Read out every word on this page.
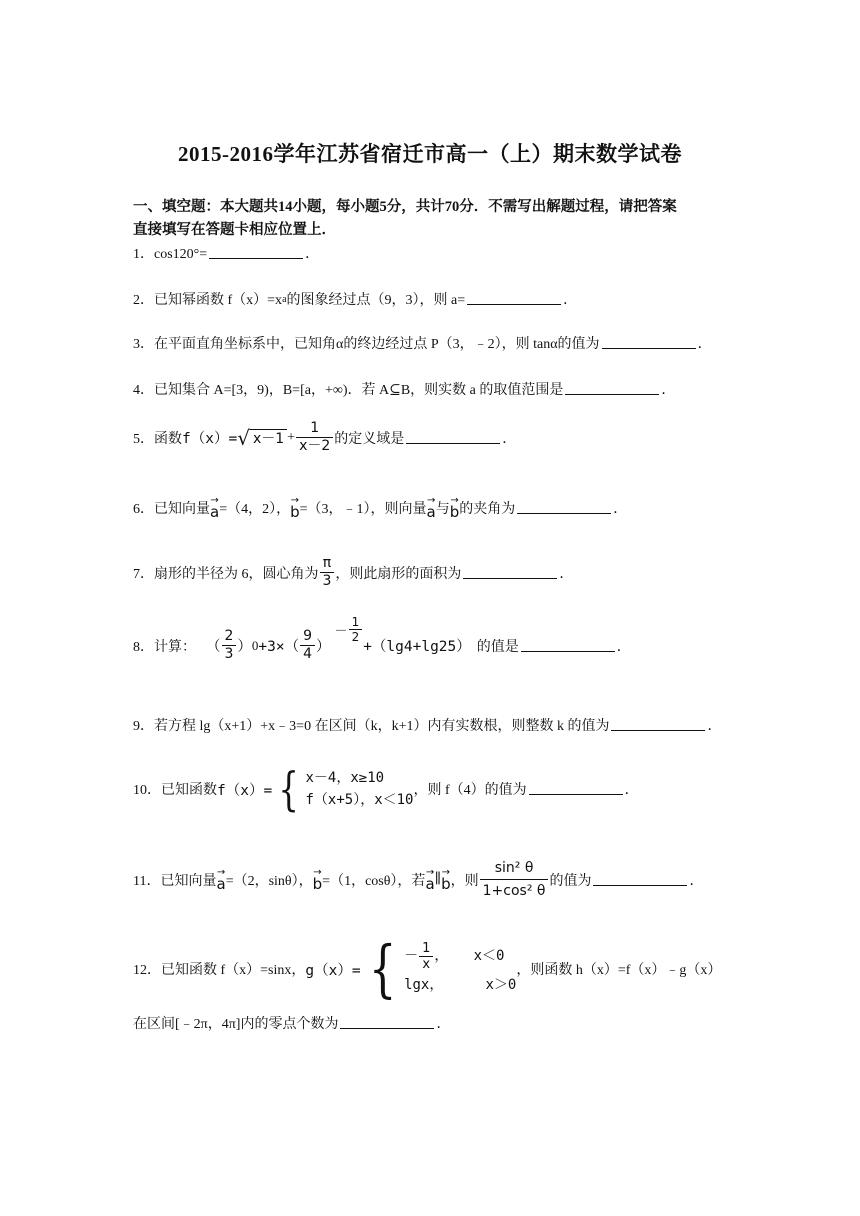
2015-2016学年江苏省宿迁市高一（上）期末数学试卷
一、填空题：本大题共14小题，每小题5分，共计70分．不需写出解题过程，请把答案
直接填写在答题卡相应位置上．
1．cos120°=	．
2．已知幂函数 f（x）=x a 的图象经过点（9，3），则 a=	．
3．在平面直角坐标系中，已知角α的终边经过点 P（3，﹣2），则 tanα的值为	．
4．已知集合 A=[3，9)，B=[a，+∞)．若 A⊆B，则实数 a 的取值范围是	．
5．函数 f（x）= √ $x-1 + \frac{1}{x-2}$ 的定义域是	．
6．已知向量
→
a =（4，2），
→
b =（3，﹣1），则向量
→
a 与
→
b 的夹角为	．
7．扇形的半径为 6，圆心角为 $\frac{\pi}{3}$ ，则此扇形的面积为	．
8．计算： （ $\frac{2}{3}$ ） $0 +3\times( \frac{9}{4}$ ）
－ $\frac{1}{2}$
+（lg4+lg25） 的值是	．
9．若方程 lg（x+1）+x﹣3=0 在区间（k，k+1）内有实数根，则整数 k 的值为	．
10．已知函数 f（x）= { x－4，x≥10
f（x+5），x＜10
，则 f（4）的值为	．
11．已知向量
→
a =（2，sinθ），
→
b =（1，cosθ），若
→
a ∥ →
b ，则 $\frac{\text{sin² θ}}{\text{1+cos² θ}}$ 的值为	．
12．已知函数 f（x）=sinx， g（x）= { － $\frac{1}{x}$ ，   x＜0
lgx，     x＞0
，则函数 h（x）=f（x）﹣g（x）
在区间[﹣2π，4π]内的零点个数为	．
